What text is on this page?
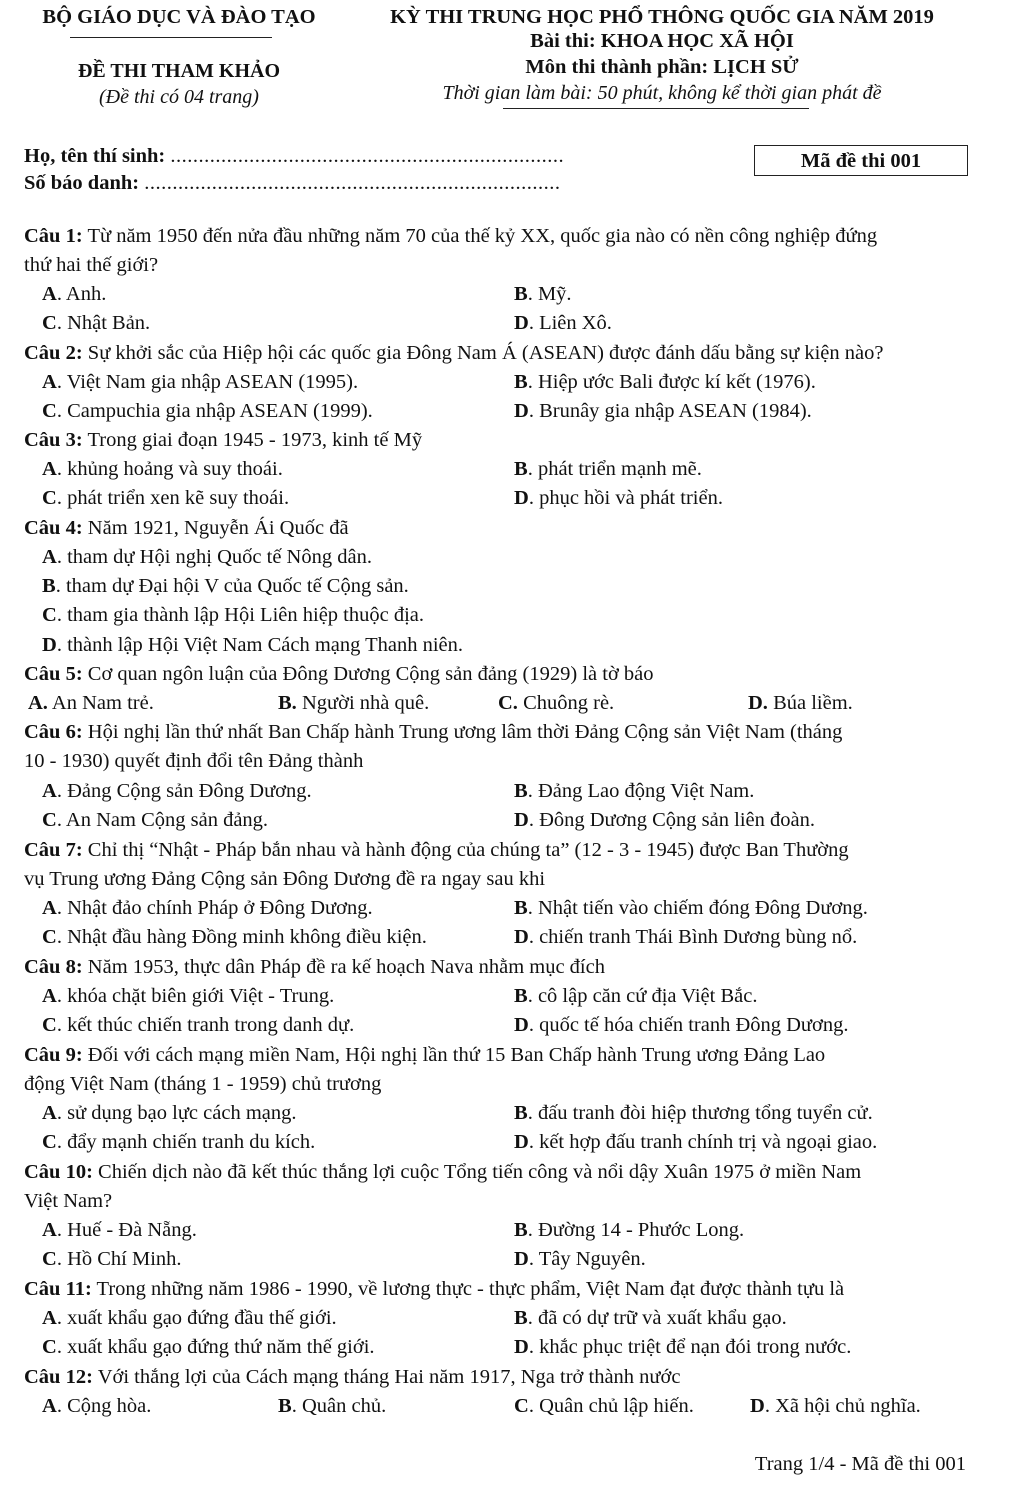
BỘ GIÁO DỤC VÀ ĐÀO TẠO
ĐỀ THI THAM KHẢO
(Đề thi có 04 trang)
KỲ THI TRUNG HỌC PHỔ THÔNG QUỐC GIA NĂM 2019
Bài thi: KHOA HỌC XÃ HỘI
Môn thi thành phần: LỊCH SỬ
Thời gian làm bài: 50 phút, không kể thời gian phát đề
Họ, tên thí sinh: ......................................................................
Số báo danh: ..........................................................................
Mã đề thi 001
Câu 1: Từ năm 1950 đến nửa đầu những năm 70 của thế kỷ XX, quốc gia nào có nền công nghiệp đứng
thứ hai thế giới?
A. Anh.	B. Mỹ.
C. Nhật Bản.	D. Liên Xô.
Câu 2: Sự khởi sắc của Hiệp hội các quốc gia Đông Nam Á (ASEAN) được đánh dấu bằng sự kiện nào?
A. Việt Nam gia nhập ASEAN (1995).	B. Hiệp ước Bali được kí kết (1976).
C. Campuchia gia nhập ASEAN (1999).	D. Brunây gia nhập ASEAN (1984).
Câu 3: Trong giai đoạn 1945 - 1973, kinh tế Mỹ
A. khủng hoảng và suy thoái.	B. phát triển mạnh mẽ.
C. phát triển xen kẽ suy thoái.	D. phục hồi và phát triển.
Câu 4: Năm 1921, Nguyễn Ái Quốc đã
A. tham dự Hội nghị Quốc tế Nông dân.
B. tham dự Đại hội V của Quốc tế Cộng sản.
C. tham gia thành lập Hội Liên hiệp thuộc địa.
D. thành lập Hội Việt Nam Cách mạng Thanh niên.
Câu 5: Cơ quan ngôn luận của Đông Dương Cộng sản đảng (1929) là tờ báo
A. An Nam trẻ.	B. Người nhà quê.	C. Chuông rè.	D. Búa liềm.
Câu 6: Hội nghị lần thứ nhất Ban Chấp hành Trung ương lâm thời Đảng Cộng sản Việt Nam (tháng
10 - 1930) quyết định đổi tên Đảng thành
A. Đảng Cộng sản Đông Dương.	B. Đảng Lao động Việt Nam.
C. An Nam Cộng sản đảng.	D. Đông Dương Cộng sản liên đoàn.
Câu 7: Chỉ thị “Nhật - Pháp bắn nhau và hành động của chúng ta” (12 - 3 - 1945) được Ban Thường
vụ Trung ương Đảng Cộng sản Đông Dương đề ra ngay sau khi
A. Nhật đảo chính Pháp ở Đông Dương.	B. Nhật tiến vào chiếm đóng Đông Dương.
C. Nhật đầu hàng Đồng minh không điều kiện.	D. chiến tranh Thái Bình Dương bùng nổ.
Câu 8: Năm 1953, thực dân Pháp đề ra kế hoạch Nava nhằm mục đích
A. khóa chặt biên giới Việt - Trung.	B. cô lập căn cứ địa Việt Bắc.
C. kết thúc chiến tranh trong danh dự.	D. quốc tế hóa chiến tranh Đông Dương.
Câu 9: Đối với cách mạng miền Nam, Hội nghị lần thứ 15 Ban Chấp hành Trung ương Đảng Lao
động Việt Nam (tháng 1 - 1959) chủ trương
A. sử dụng bạo lực cách mạng.	B. đấu tranh đòi hiệp thương tổng tuyển cử.
C. đẩy mạnh chiến tranh du kích.	D. kết hợp đấu tranh chính trị và ngoại giao.
Câu 10: Chiến dịch nào đã kết thúc thắng lợi cuộc Tổng tiến công và nổi dậy Xuân 1975 ở miền Nam
Việt Nam?
A. Huế - Đà Nẵng.	B. Đường 14 - Phước Long.
C. Hồ Chí Minh.	D. Tây Nguyên.
Câu 11: Trong những năm 1986 - 1990, về lương thực - thực phẩm, Việt Nam đạt được thành tựu là
A. xuất khẩu gạo đứng đầu thế giới.	B. đã có dự trữ và xuất khẩu gạo.
C. xuất khẩu gạo đứng thứ năm thế giới.	D. khắc phục triệt để nạn đói trong nước.
Câu 12: Với thắng lợi của Cách mạng tháng Hai năm 1917, Nga trở thành nước
A. Cộng hòa.	B. Quân chủ.	C. Quân chủ lập hiến.	D. Xã hội chủ nghĩa.
Trang 1/4 - Mã đề thi 001
